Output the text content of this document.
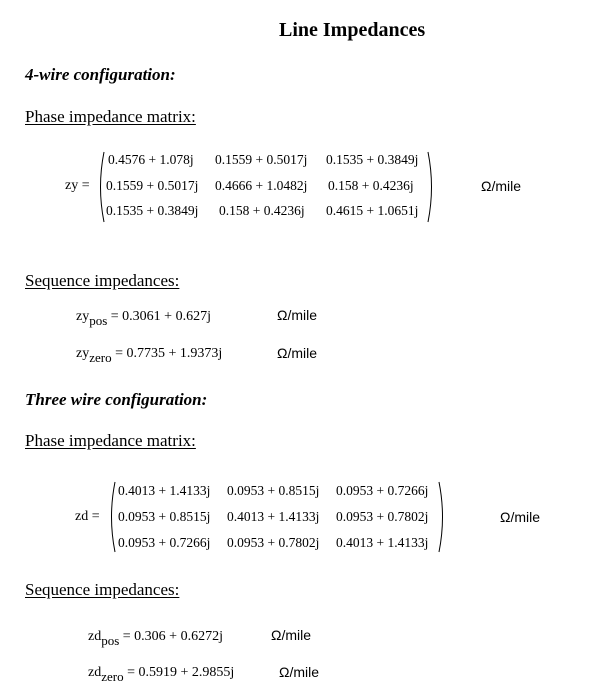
Line Impedances
4-wire configuration:
Phase impedance matrix:
zy =
0.4576 + 1.078j 0.1559 + 0.5017j 0.1535 + 0.3849j
0.1559 + 0.5017j 0.4666 + 1.0482j 0.158 + 0.4236j
0.1535 + 0.3849j 0.158 + 0.4236j 0.4615 + 1.0651j
Ω/mile
Sequence impedances:
zypos = 0.3061 + 0.627j	Ω/mile
zyzero = 0.7735 + 1.9373j	Ω/mile
Three wire configuration:
Phase impedance matrix:
zd =
0.4013 + 1.4133j 0.0953 + 0.8515j 0.0953 + 0.7266j
0.0953 + 0.8515j 0.4013 + 1.4133j 0.0953 + 0.7802j
0.0953 + 0.7266j 0.0953 + 0.7802j 0.4013 + 1.4133j
Ω/mile
Sequence impedances:
zdpos = 0.306 + 0.6272j	Ω/mile
zdzero = 0.5919 + 2.9855j	Ω/mile
